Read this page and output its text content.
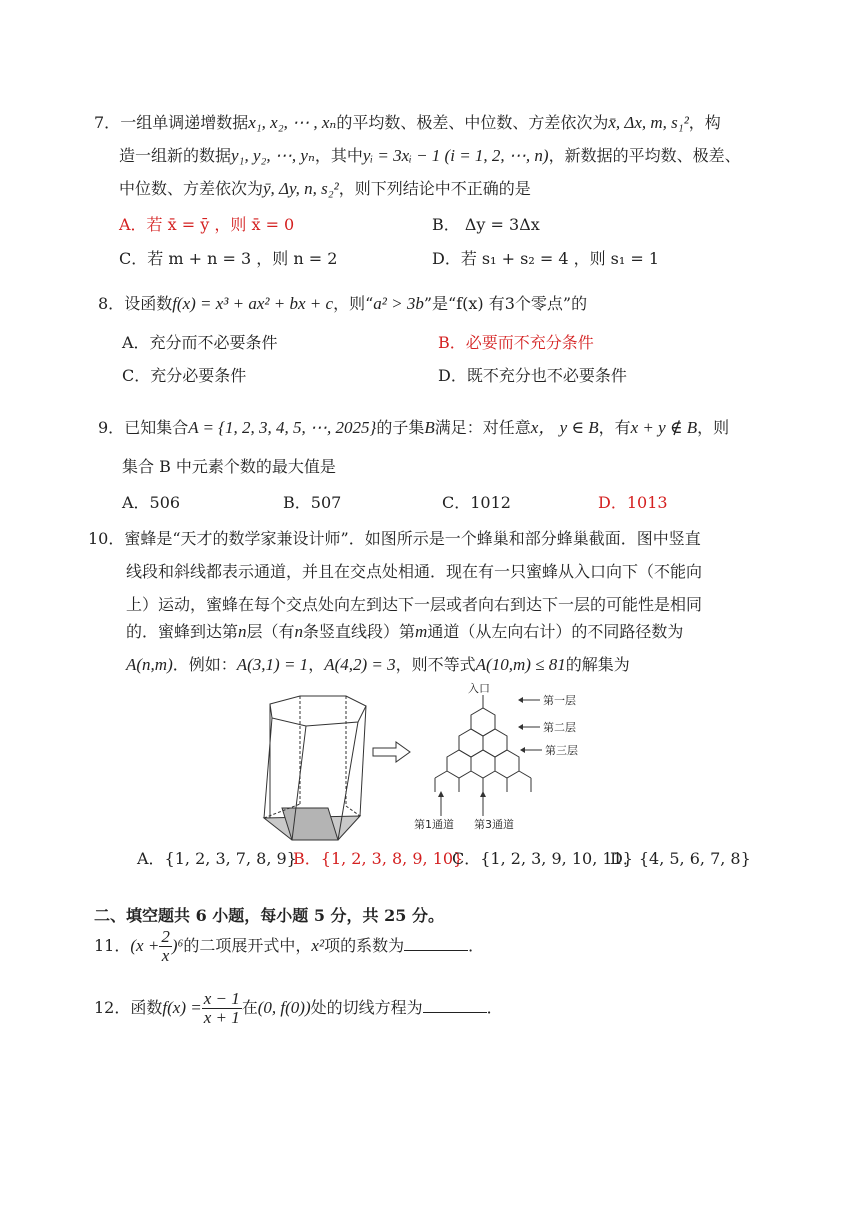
7．一组单调递增数据x₁, x₂, ⋯ , xₙ的平均数、极差、中位数、方差依次为x̄, Δx, m, s₁²，构
造一组新的数据y₁, y₂, ⋯, yₙ，其中yᵢ = 3xᵢ − 1 (i = 1, 2, ⋯, n)，新数据的平均数、极差、
中位数、方差依次为ȳ, Δy, n, s₂²，则下列结论中不正确的是
A．若 x̄ = ȳ ，则 x̄ = 0	B． Δy = 3Δx
C．若 m + n = 3 ，则 n = 2	D．若 s₁ + s₂ = 4 ，则 s₁ = 1
8．设函数f(x) = x³ + ax² + bx + c，则“a² > 3b”是“f(x) 有3个零点”的
A．充分而不必要条件	B．必要而不充分条件
C．充分必要条件	D．既不充分也不必要条件
9．已知集合A = {1, 2, 3, 4, 5, ⋯, 2025}的子集B满足：对任意x， y ∈ B，有x + y ∉ B，则
集合 B 中元素个数的最大值是
A．506	B．507	C．1012	D．1013
10．蜜蜂是“天才的数学家兼设计师”．如图所示是一个蜂巢和部分蜂巢截面．图中竖直
线段和斜线都表示通道，并且在交点处相通．现在有一只蜜蜂从入口向下（不能向
上）运动，蜜蜂在每个交点处向左到达下一层或者向右到达下一层的可能性是相同
的．蜜蜂到达第n层（有n条竖直线段）第m通道（从左向右计）的不同路径数为
A(n,m)．例如：A(3,1) = 1，A(4,2) = 3，则不等式A(10,m) ≤ 81的解集为
入口
第一层
第二层
第三层
第1通道 第3通道
A．{1, 2, 3, 7, 8, 9}
B．{1, 2, 3, 8, 9, 10}
C．{1, 2, 3, 9, 10, 11}
D．{4, 5, 6, 7, 8}
二、填空题共 6 小题，每小题 5 分，共 25 分。
11．$(x + \frac{2}{x} )^6$的二项展开式中，x²项的系数为	．
12．函数$f(x) = \frac{x - 1}{x + 1}$ 在(0, f(0))处的切线方程为	．
